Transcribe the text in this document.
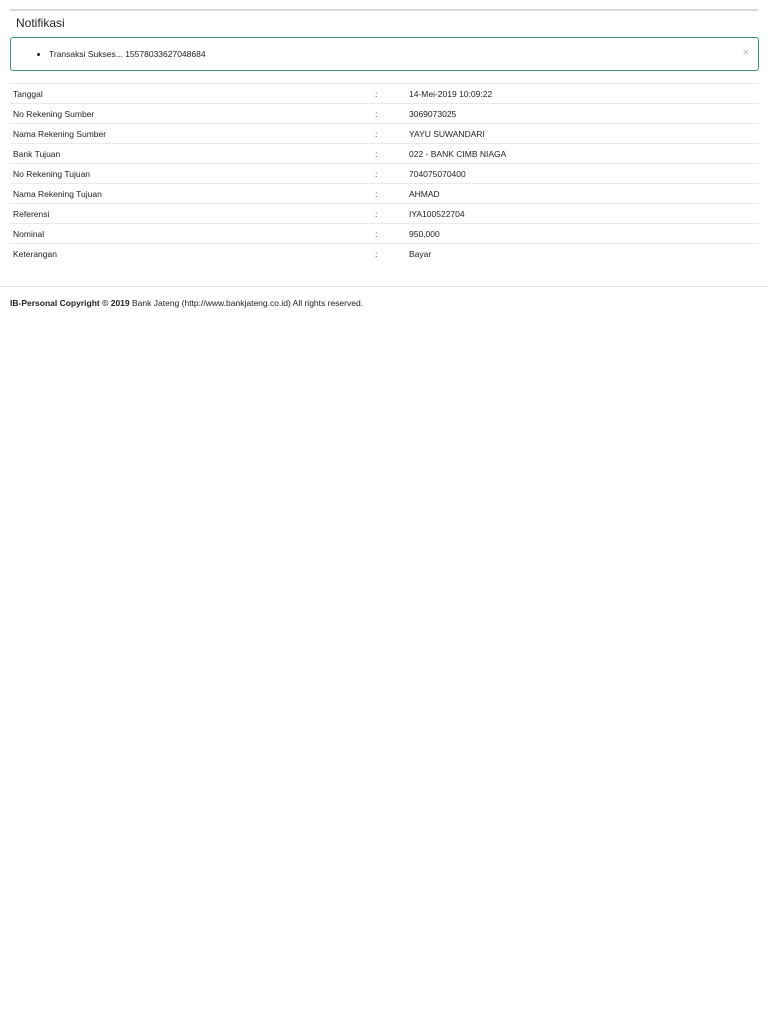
Notifikasi
• Transaksi Sukses... 15578033627048684	×
Tanggal	:	14-Mei-2019 10:09:22
No Rekening Sumber	:	3069073025
Nama Rekening Sumber	:	YAYU SUWANDARI
Bank Tujuan	:	022 - BANK CIMB NIAGA
No Rekening Tujuan	:	704075070400
Nama Rekening Tujuan	:	AHMAD
Referensi	:	IYA100522704
Nominal	:	950,000
Keterangan	:	Bayar
IB-Personal Copyright © 2019 Bank Jateng (http://www.bankjateng.co.id) All rights reserved.
